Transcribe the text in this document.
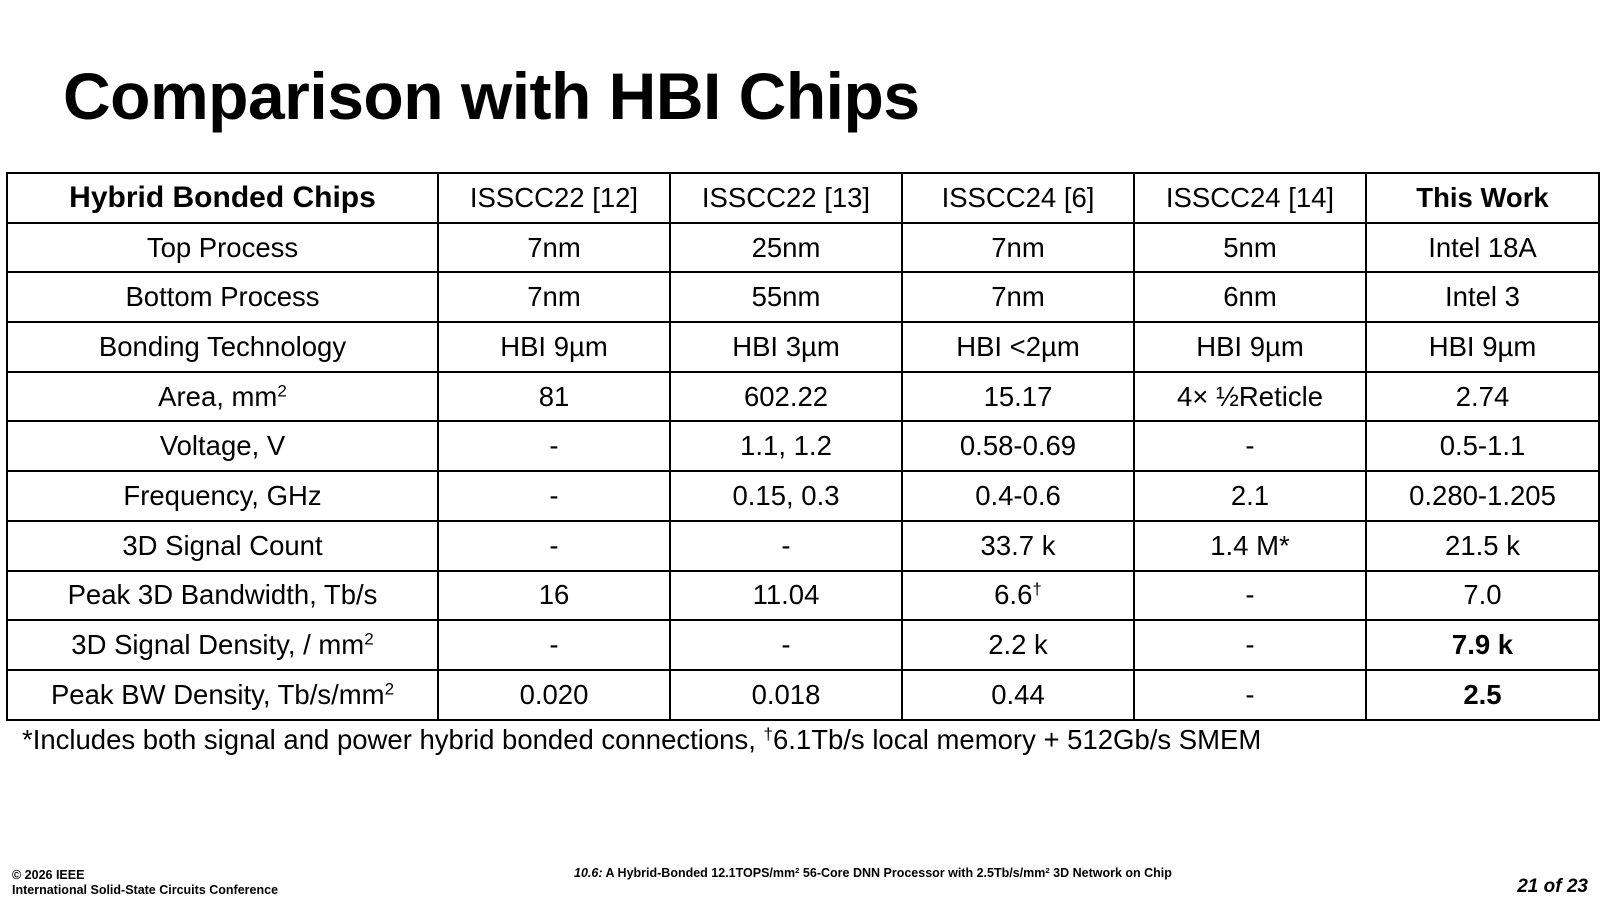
Comparison with HBI Chips
Hybrid Bonded Chips	ISSCC22 [12]	ISSCC22 [13]	ISSCC24 [6]	ISSCC24 [14]	This Work
Top Process	7nm	25nm	7nm	5nm	Intel 18A
Bottom Process	7nm	55nm	7nm	6nm	Intel 3
Bonding Technology	HBI 9µm	HBI 3µm	HBI <2µm	HBI 9µm	HBI 9µm
Area, $mm^2$	81	602.22	15.17	4× ½Reticle	2.74
Voltage, V	-	1.1, 1.2	0.58-0.69	-	0.5-1.1
Frequency, GHz	-	0.15, 0.3	0.4-0.6	2.1	0.280-1.205
3D Signal Count	-	-	33.7 k	1.4 M*	21.5 k
Peak 3D Bandwidth, Tb/s	16	11.04	6.6†	-	7.0
3D Signal Density, / $mm^2$	-	-	2.2 k	-	7.9 k
Peak BW Density, $Tb/s/mm^2$	0.020	0.018	0.44	-	2.5
*Includes both signal and power hybrid bonded connections, †6.1Tb/s local memory + 512Gb/s SMEM
© 2026 IEEE
International Solid-State Circuits Conference
10.6: A Hybrid-Bonded $12.1TOPS/mm^2$ 56-Core DNN Processor with $2.5Tb/s/mm^2$ 3D Network on Chip
21 of 23
